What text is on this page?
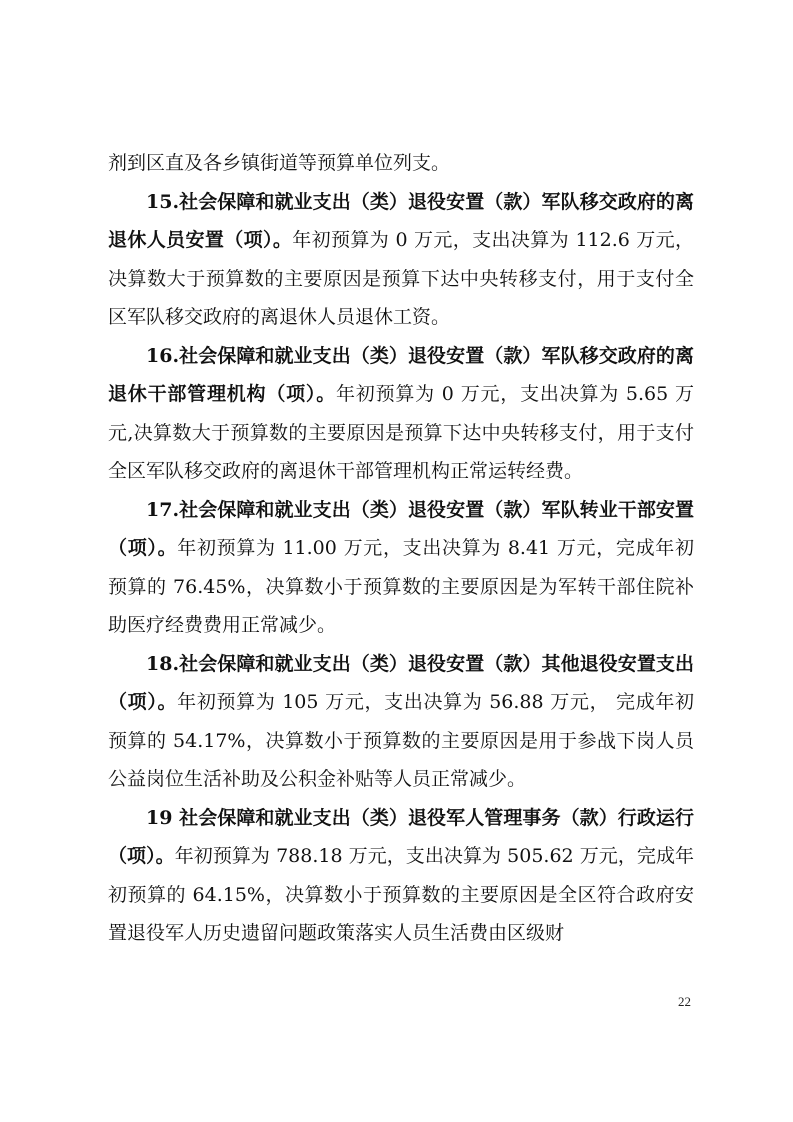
剂到区直及各乡镇街道等预算单位列支。

15.社会保障和就业支出（类）退役安置（款）军队移交政府的离退休人员安置（项）。年初预算为 0 万元，支出决算为 112.6 万元，决算数大于预算数的主要原因是预算下达中央转移支付，用于支付全区军队移交政府的离退休人员退休工资。

16.社会保障和就业支出（类）退役安置（款）军队移交政府的离退休干部管理机构（项）。年初预算为 0 万元，支出决算为 5.65 万元,决算数大于预算数的主要原因是预算下达中央转移支付，用于支付全区军队移交政府的离退休干部管理机构正常运转经费。

17.社会保障和就业支出（类）退役安置（款）军队转业干部安置（项）。年初预算为 11.00 万元，支出决算为 8.41 万元，完成年初预算的 76.45%，决算数小于预算数的主要原因是为军转干部住院补助医疗经费费用正常减少。

18.社会保障和就业支出（类）退役安置（款）其他退役安置支出（项）。年初预算为 105 万元，支出决算为 56.88 万元， 完成年初预算的 54.17%，决算数小于预算数的主要原因是用于参战下岗人员公益岗位生活补助及公积金补贴等人员正常减少。

19 社会保障和就业支出（类）退役军人管理事务（款）行政运行（项）。年初预算为 788.18 万元，支出决算为 505.62 万元，完成年初预算的 64.15%，决算数小于预算数的主要原因是全区符合政府安置退役军人历史遗留问题政策落实人员生活费由区级财

22
